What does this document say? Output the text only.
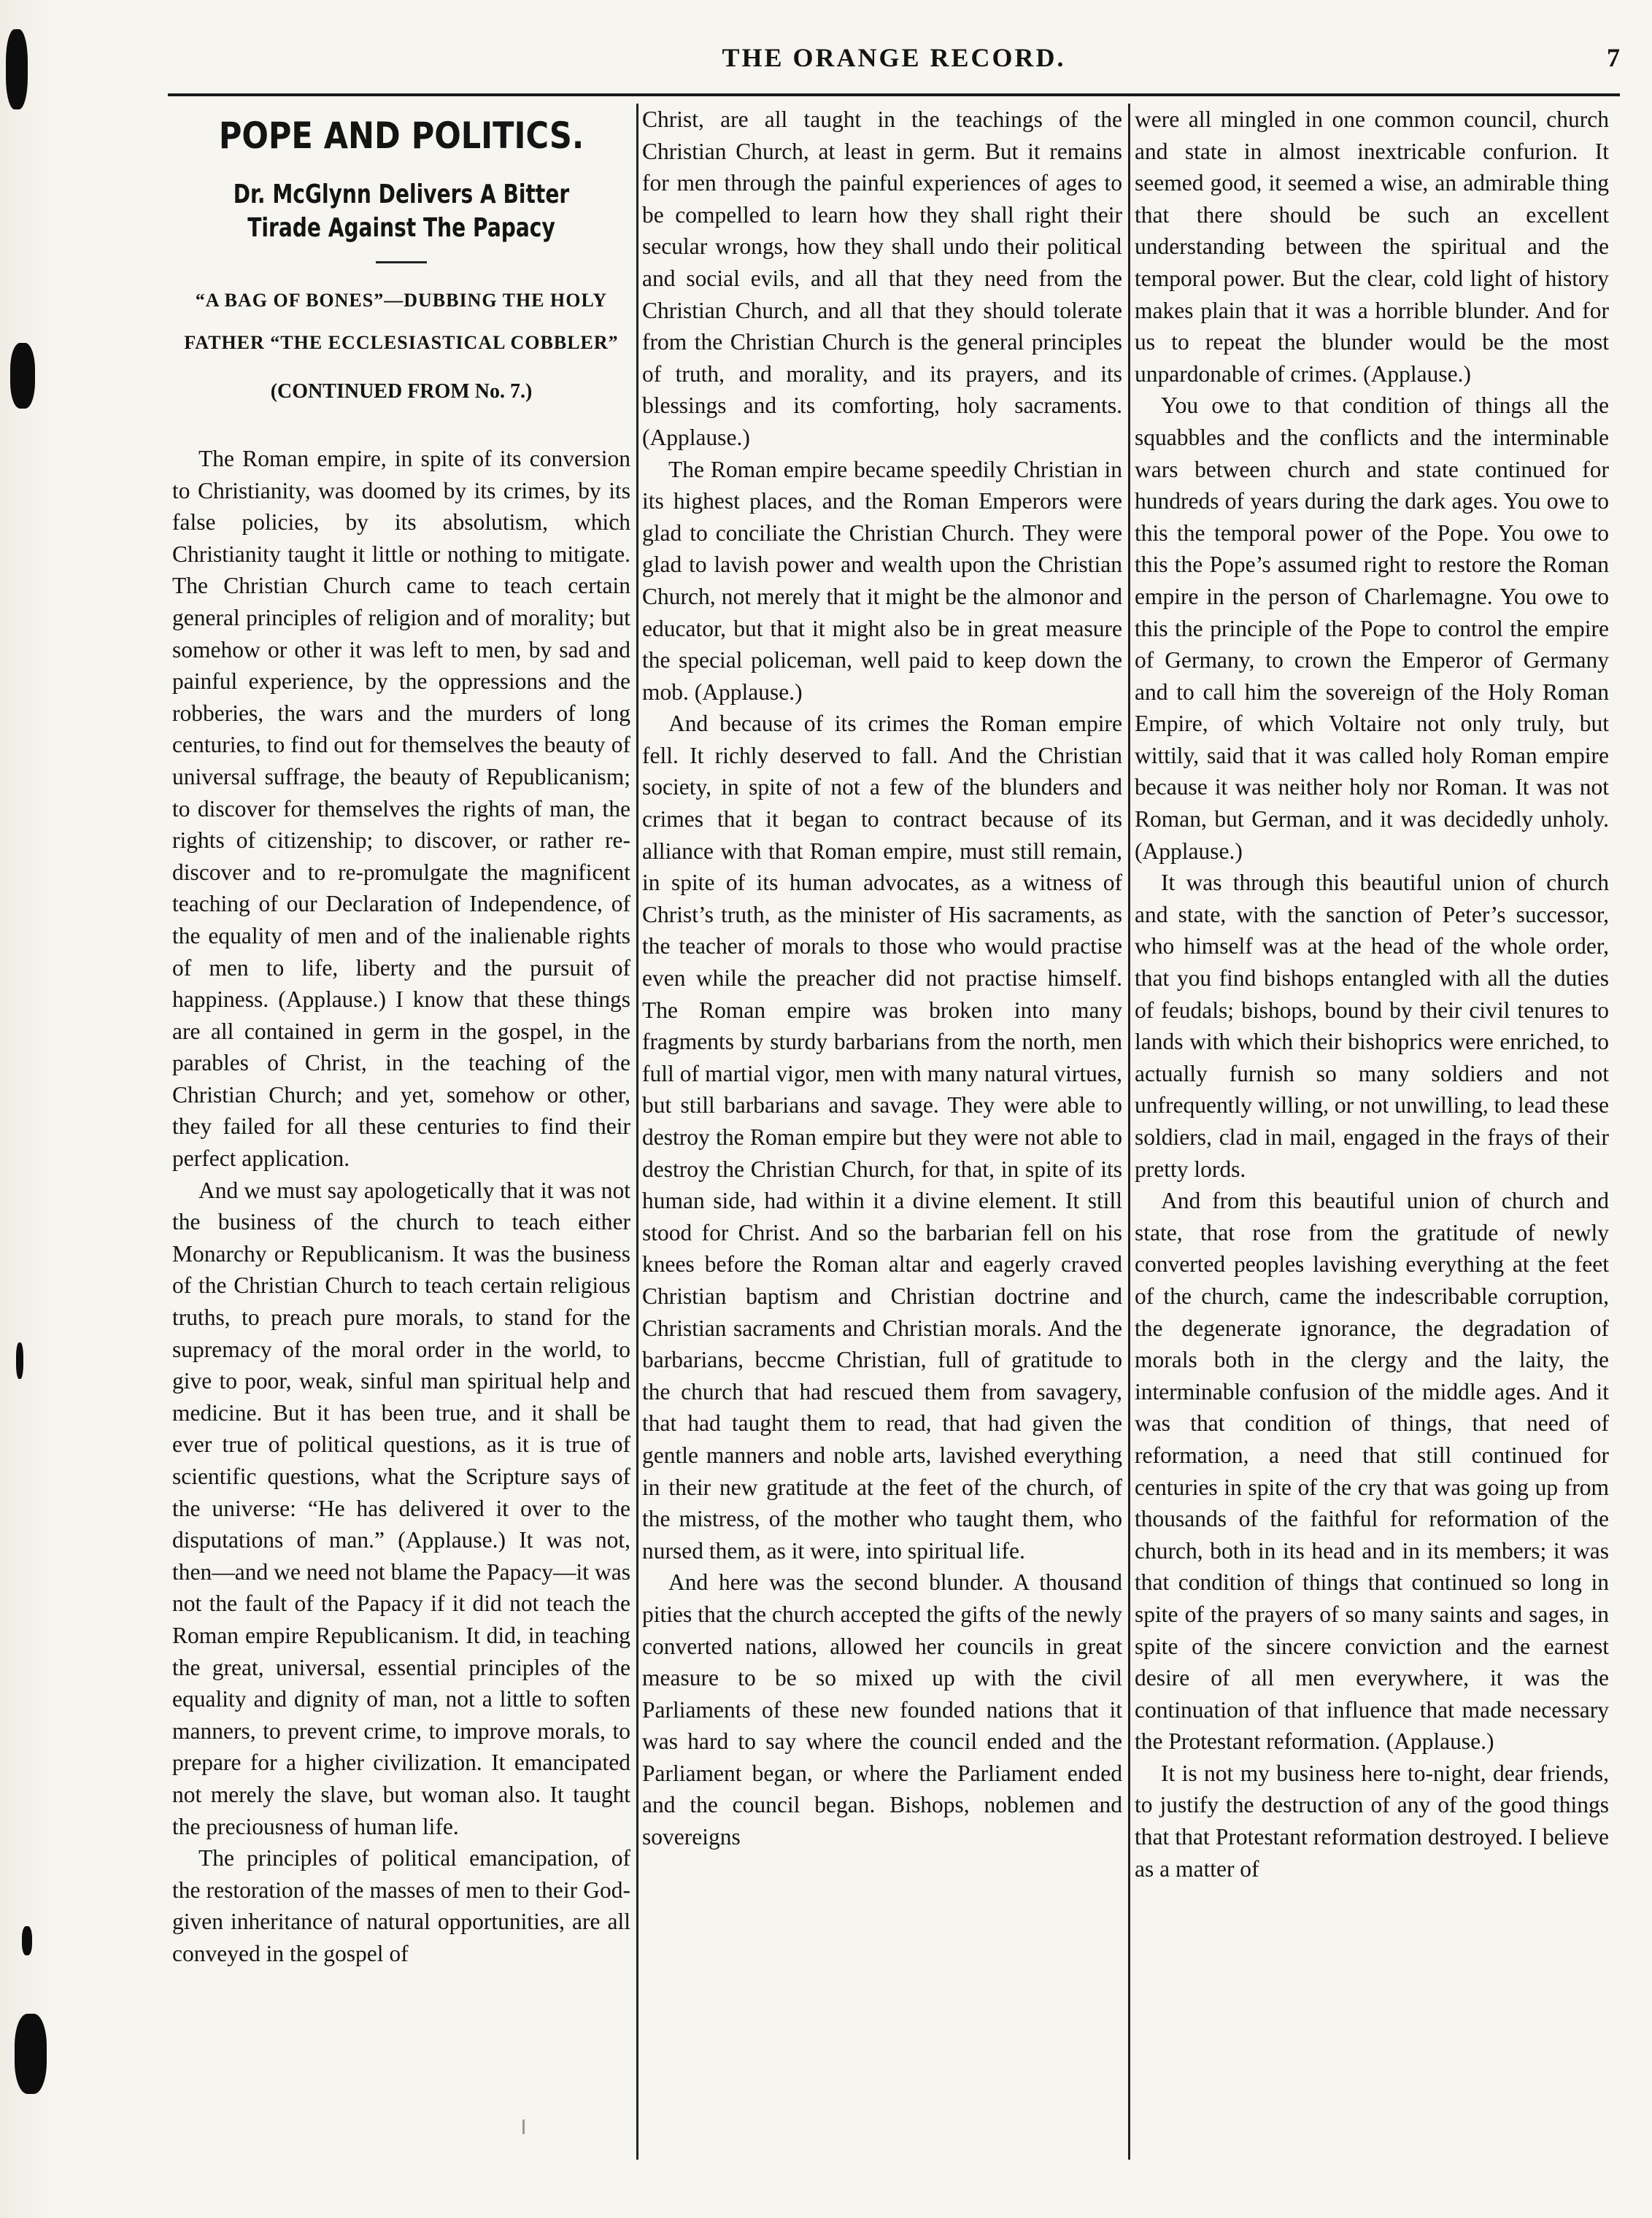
THE ORANGE RECORD.	7
POPE AND POLITICS.
Dr. McGlynn Delivers A Bitter Tirade Against The Papacy
“A BAG OF BONES”—DUBBING THE HOLY
FATHER “THE ECCLESIASTICAL COBBLER”
(CONTINUED FROM No. 7.)

The Roman empire, in spite of its conversion to Christianity, was doomed by its crimes, by its false policies, by its absolutism, which Christianity taught it little or nothing to mitigate. The Christian Church came to teach certain general principles of religion and of morality; but somehow or other it was left to men, by sad and painful experience, by the oppressions and the robberies, the wars and the murders of long centuries, to find out for themselves the beauty of universal suffrage, the beauty of Republicanism; to discover for themselves the rights of man, the rights of citizenship; to discover, or rather re-discover and to re-promulgate the magnificent teaching of our Declaration of Independence, of the equality of men and of the inalienable rights of men to life, liberty and the pursuit of happiness. (Applause.) I know that these things are all contained in germ in the gospel, in the parables of Christ, in the teaching of the Christian Church; and yet, somehow or other, they failed for all these centuries to find their perfect application.

And we must say apologetically that it was not the business of the church to teach either Monarchy or Republicanism. It was the business of the Christian Church to teach certain religious truths, to preach pure morals, to stand for the supremacy of the moral order in the world, to give to poor, weak, sinful man spiritual help and medicine. But it has been true, and it shall be ever true of political questions, as it is true of scientific questions, what the Scripture says of the universe: “He has delivered it over to the disputations of man.” (Applause.) It was not, then—and we need not blame the Papacy—it was not the fault of the Papacy if it did not teach the Roman empire Republicanism. It did, in teaching the great, universal, essential principles of the equality and dignity of man, not a little to soften manners, to prevent crime, to improve morals, to prepare for a higher civilization. It emancipated not merely the slave, but woman also. It taught the preciousness of human life.

The principles of political emancipation, of the restoration of the masses of men to their God-given inheritance of natural opportunities, are all conveyed in the gospel of

Christ, are all taught in the teachings of the Christian Church, at least in germ. But it remains for men through the painful experiences of ages to be compelled to learn how they shall right their secular wrongs, how they shall undo their political and social evils, and all that they need from the Christian Church, and all that they should tolerate from the Christian Church is the general principles of truth, and morality, and its prayers, and its blessings and its comforting, holy sacraments. (Applause.)

The Roman empire became speedily Christian in its highest places, and the Roman Emperors were glad to conciliate the Christian Church. They were glad to lavish power and wealth upon the Christian Church, not merely that it might be the almonor and educator, but that it might also be in great measure the special policeman, well paid to keep down the mob. (Applause.)

And because of its crimes the Roman empire fell. It richly deserved to fall. And the Christian society, in spite of not a few of the blunders and crimes that it began to contract because of its alliance with that Roman empire, must still remain, in spite of its human advocates, as a witness of Christ’s truth, as the minister of His sacraments, as the teacher of morals to those who would practise even while the preacher did not practise himself. The Roman empire was broken into many fragments by sturdy barbarians from the north, men full of martial vigor, men with many natural virtues, but still barbarians and savage. They were able to destroy the Roman empire but they were not able to destroy the Christian Church, for that, in spite of its human side, had within it a divine element. It still stood for Christ. And so the barbarian fell on his knees before the Roman altar and eagerly craved Christian baptism and Christian doctrine and Christian sacraments and Christian morals. And the barbarians, beccme Christian, full of gratitude to the church that had rescued them from savagery, that had taught them to read, that had given the gentle manners and noble arts, lavished everything in their new gratitude at the feet of the church, of the mistress, of the mother who taught them, who nursed them, as it were, into spiritual life.

And here was the second blunder. A thousand pities that the church accepted the gifts of the newly converted nations, allowed her councils in great measure to be so mixed up with the civil Parliaments of these new founded nations that it was hard to say where the council ended and the Parliament began, or where the Parliament ended and the council began. Bishops, noblemen and sovereigns

were all mingled in one common council, church and state in almost inextricable confurion. It seemed good, it seemed a wise, an admirable thing that there should be such an excellent understanding between the spiritual and the temporal power. But the clear, cold light of history makes plain that it was a horrible blunder. And for us to repeat the blunder would be the most unpardonable of crimes. (Applause.)

You owe to that condition of things all the squabbles and the conflicts and the interminable wars between church and state continued for hundreds of years during the dark ages. You owe to this the temporal power of the Pope. You owe to this the Pope’s assumed right to restore the Roman empire in the person of Charlemagne. You owe to this the principle of the Pope to control the empire of Germany, to crown the Emperor of Germany and to call him the sovereign of the Holy Roman Empire, of which Voltaire not only truly, but wittily, said that it was called holy Roman empire because it was neither holy nor Roman. It was not Roman, but German, and it was decidedly unholy. (Applause.)

It was through this beautiful union of church and state, with the sanction of Peter’s successor, who himself was at the head of the whole order, that you find bishops entangled with all the duties of feudals; bishops, bound by their civil tenures to lands with which their bishoprics were enriched, to actually furnish so many soldiers and not unfrequently willing, or not unwilling, to lead these soldiers, clad in mail, engaged in the frays of their pretty lords.

And from this beautiful union of church and state, that rose from the gratitude of newly converted peoples lavishing everything at the feet of the church, came the indescribable corruption, the degenerate ignorance, the degradation of morals both in the clergy and the laity, the interminable confusion of the middle ages. And it was that condition of things, that need of reformation, a need that still continued for centuries in spite of the cry that was going up from thousands of the faithful for reformation of the church, both in its head and in its members; it was that condition of things that continued so long in spite of the prayers of so many saints and sages, in spite of the sincere conviction and the earnest desire of all men everywhere, it was the continuation of that influence that made necessary the Protestant reformation. (Applause.)

It is not my business here to-night, dear friends, to justify the destruction of any of the good things that that Protestant reformation destroyed. I believe as a matter of
